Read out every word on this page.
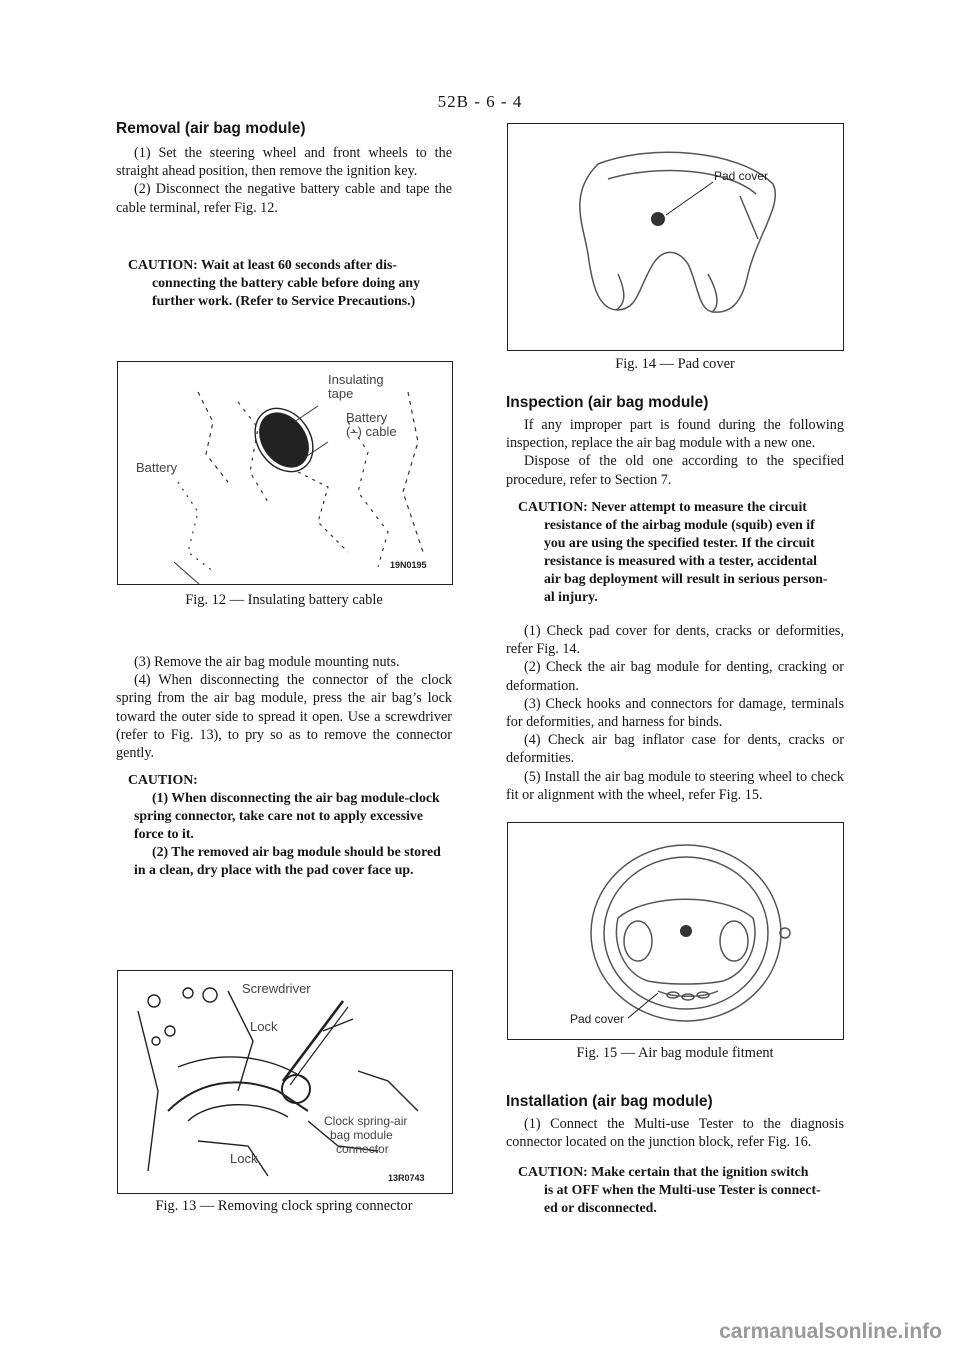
52B - 6 - 4

Removal (air bag module)

(1) Set the steering wheel and front wheels to the straight ahead position, then remove the ignition key.

(2) Disconnect the negative battery cable and tape the cable terminal, refer Fig. 12.

CAUTION: Wait at least 60 seconds after dis-

connecting the battery cable before doing any

further work. (Refer to Service Precautions.)

Insulating
tape
Battery
(–) cable
Battery
19N0195
Fig. 12 — Insulating battery cable

(3) Remove the air bag module mounting nuts.

(4) When disconnecting the connector of the clock spring from the air bag module, press the air bag’s lock toward the outer side to spread it open. Use a screwdriver (refer to Fig. 13), to pry so as to remove the connector gently.

CAUTION:

(1) When disconnecting the air bag module-clock spring connector, take care not to apply excessive force to it.

(2) The removed air bag module should be stored in a clean, dry place with the pad cover face up.

Screwdriver
Lock
Clock spring-air
bag module
connector
Lock
13R0743
Fig. 13 — Removing clock spring connector
Pad cover
Fig. 14 — Pad cover

Inspection (air bag module)

If any improper part is found during the following inspection, replace the air bag module with a new one.

Dispose of the old one according to the specified procedure, refer to Section 7.

CAUTION: Never attempt to measure the circuit

resistance of the airbag module (squib) even if

you are using the specified tester. If the circuit

resistance is measured with a tester, accidental

air bag deployment will result in serious person-

al injury.

(1) Check pad cover for dents, cracks or deformities, refer Fig. 14.

(2) Check the air bag module for denting, cracking or deformation.

(3) Check hooks and connectors for damage, terminals for deformities, and harness for binds.

(4) Check air bag inflator case for dents, cracks or deformities.

(5) Install the air bag module to steering wheel to check fit or alignment with the wheel, refer Fig. 15.

Pad cover
Fig. 15 — Air bag module fitment

Installation (air bag module)

(1) Connect the Multi-use Tester to the diagnosis connector located on the junction block, refer Fig. 16.

CAUTION: Make certain that the ignition switch

is at OFF when the Multi-use Tester is connect-

ed or disconnected.

carmanualsonline.info
